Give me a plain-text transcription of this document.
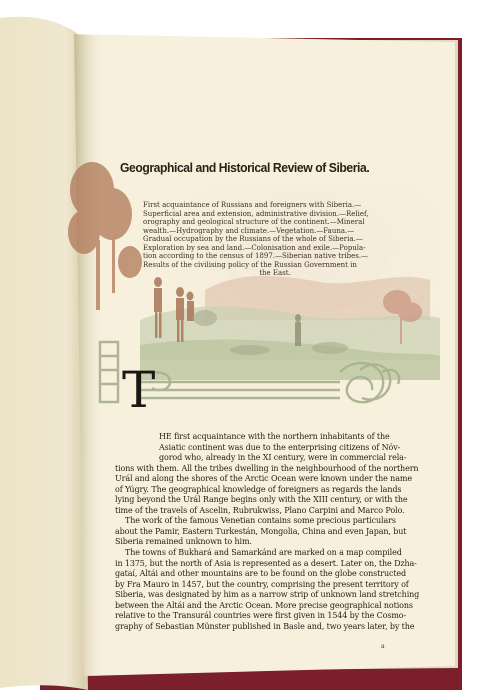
Geographical and Historical Review of Siberia.
First acquaintance of Russians and foreigners with Siberia.—
Superficial area and extension, administrative division.—Relief,
orography and geological structure of the continent.—Mineral
wealth.—Hydrography and climate.—Vegetation.—Fauna.—
Gradual occupation by the Russians of the whole of Siberia.—
Exploration by sea and land.—Colonisation and exile.—Popula-
tion according to the census of 1897.—Siberian native tribes.—
Results of the civilising policy of the Russian Government in
the East.
T
HE first acquaintance with the northern inhabitants of the
Asiatic continent was due to the enterprising citizens of Nóv-
gorod who, already in the XI century, were in commercial rela-
tions with them. All the tribes dwelling in the neighbourhood of the northern
Urál and along the shores of the Arctic Ocean were known under the name
of Yúgry. The geographical knowledge of foreigners as regards the lands
lying beyond the Urál Range begins only with the XIII century, or with the
time of the travels of Ascelin, Rubrukwiss, Plano Carpini and Marco Polo.
The work of the famous Venetian contains some precious particulars
about the Pamir, Eastern Turkestán, Mongolia, China and even Japan, but
Siberia remained unknown to him.
The towns of Bukhará and Samarkánd are marked on a map compiled
in 1375, but the north of Asia is represented as a desert. Later on, the Dzha-
gataí, Altái and other mountains are to be found on the globe constructed
by Fra Mauro in 1457, but the country, comprising the present territory of
Siberia, was designated by him as a narrow strip of unknown land stretching
between the Altái and the Arctic Ocean. More precise geographical notions
relative to the Transurál countries were first given in 1544 by the Cosmo-
graphy of Sebastian Münster published in Basle and, two years later, by the
a
